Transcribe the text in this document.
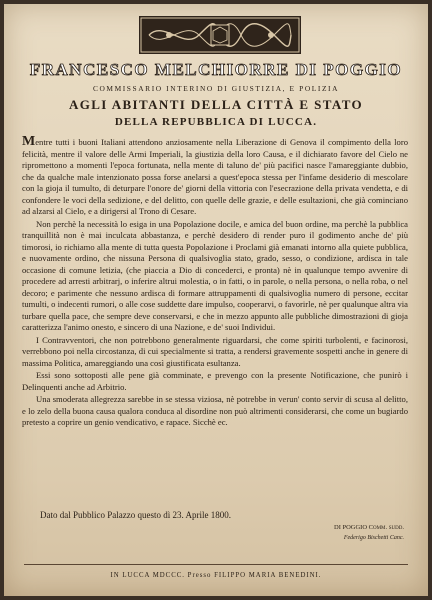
FRANCESCO MELCHIORRE DI POGGIO
COMMISSARIO INTERINO DI GIUSTIZIA, E POLIZIA
AGLI ABITANTI DELLA CITTÀ E STATO
DELLA REPUBBLICA DI LUCCA.

Mentre tutti i buoni Italiani attendono anziosamente nella Liberazione di Genova il compimento della loro felicità, mentre il valore delle Armi Imperiali, la giustizia della loro Causa, e il dichiarato favore del Cielo ne ripromettono a momenti l'epoca fortunata, nella mente di taluno de' più pacifici nasce l'amareggiante dubbio, che da qualche male intenzionato possa forse anelarsi a quest'epoca stessa per l'infame desiderio di mescolare con la gioja il tumulto, di deturpare l'onore de' giorni della vittoria con l'esecrazione della privata vendetta, e di confondere le voci della sedizione, e del delitto, con quelle delle grazie, e delle esultazioni, che già cominciano ad alzarsi al Cielo, e a dirigersi al Trono di Cesare.

Non perchè la necessità lo esiga in una Popolazione docile, e amica del buon ordine, ma perchè la pubblica tranquillità non è mai inculcata abbastanza, e perchè desidero di render puro il godimento anche de' più timorosi, io richiamo alla mente di tutta questa Popolazione i Proclami già emanati intorno alla quiete pubblica, e nuovamente ordino, che nissuna Persona di qualsivoglia stato, grado, sesso, o condizione, ardisca in tale occasione di comune letizia, (che piaccia a Dio di concederci, e pronta) nè in qualunque tempo avvenire di procedere ad arresti arbitrarj, o inferire altrui molestia, o in fatti, o in parole, o nella persona, o nella roba, o nel decoro; e parimente che nessuno ardisca di formare attruppamenti di qualsivoglia numero di persone, eccitar tumulti, o indecenti rumori, o alle cose suddette dare impulso, cooperarvi, o favorirle, nè per qualunque altra via turbare quella pace, che sempre deve conservarsi, e che in mezzo appunto alle pubbliche dimostrazioni di gioja caratterizza l'animo onesto, e sincero di una Nazione, e de' suoi Individui.

I Contravventori, che non potrebbono generalmente riguardarsi, che come spiriti turbolenti, e facinorosi, verrebbono poi nella circostanza, di cui specialmente si tratta, a rendersi gravemente sospetti anche in genere di massima Politica, amareggiando una così giustificata esultanza.

Essi sono sottoposti alle pene già comminate, e prevengo con la presente Notificazione, che punirò i Delinquenti anche ad Arbitrio.

Una smoderata allegrezza sarebbe in se stessa viziosa, nè potrebbe in verun' conto servir di scusa al delitto, e lo zelo della buona causa qualora conduca al disordine non può altrimenti considerarsi, che come un bugiardo pretesto a coprire un genio vendicativo, e rapace. Sicchè ec.

Dato dal Pubblico Palazzo questo dì 23. Aprile 1800.
DI POGGIO Comm. sudd.
Federigo Bischetti Canc.
IN LUCCA MDCCC. Presso FILIPPO MARIA BENEDINI.
